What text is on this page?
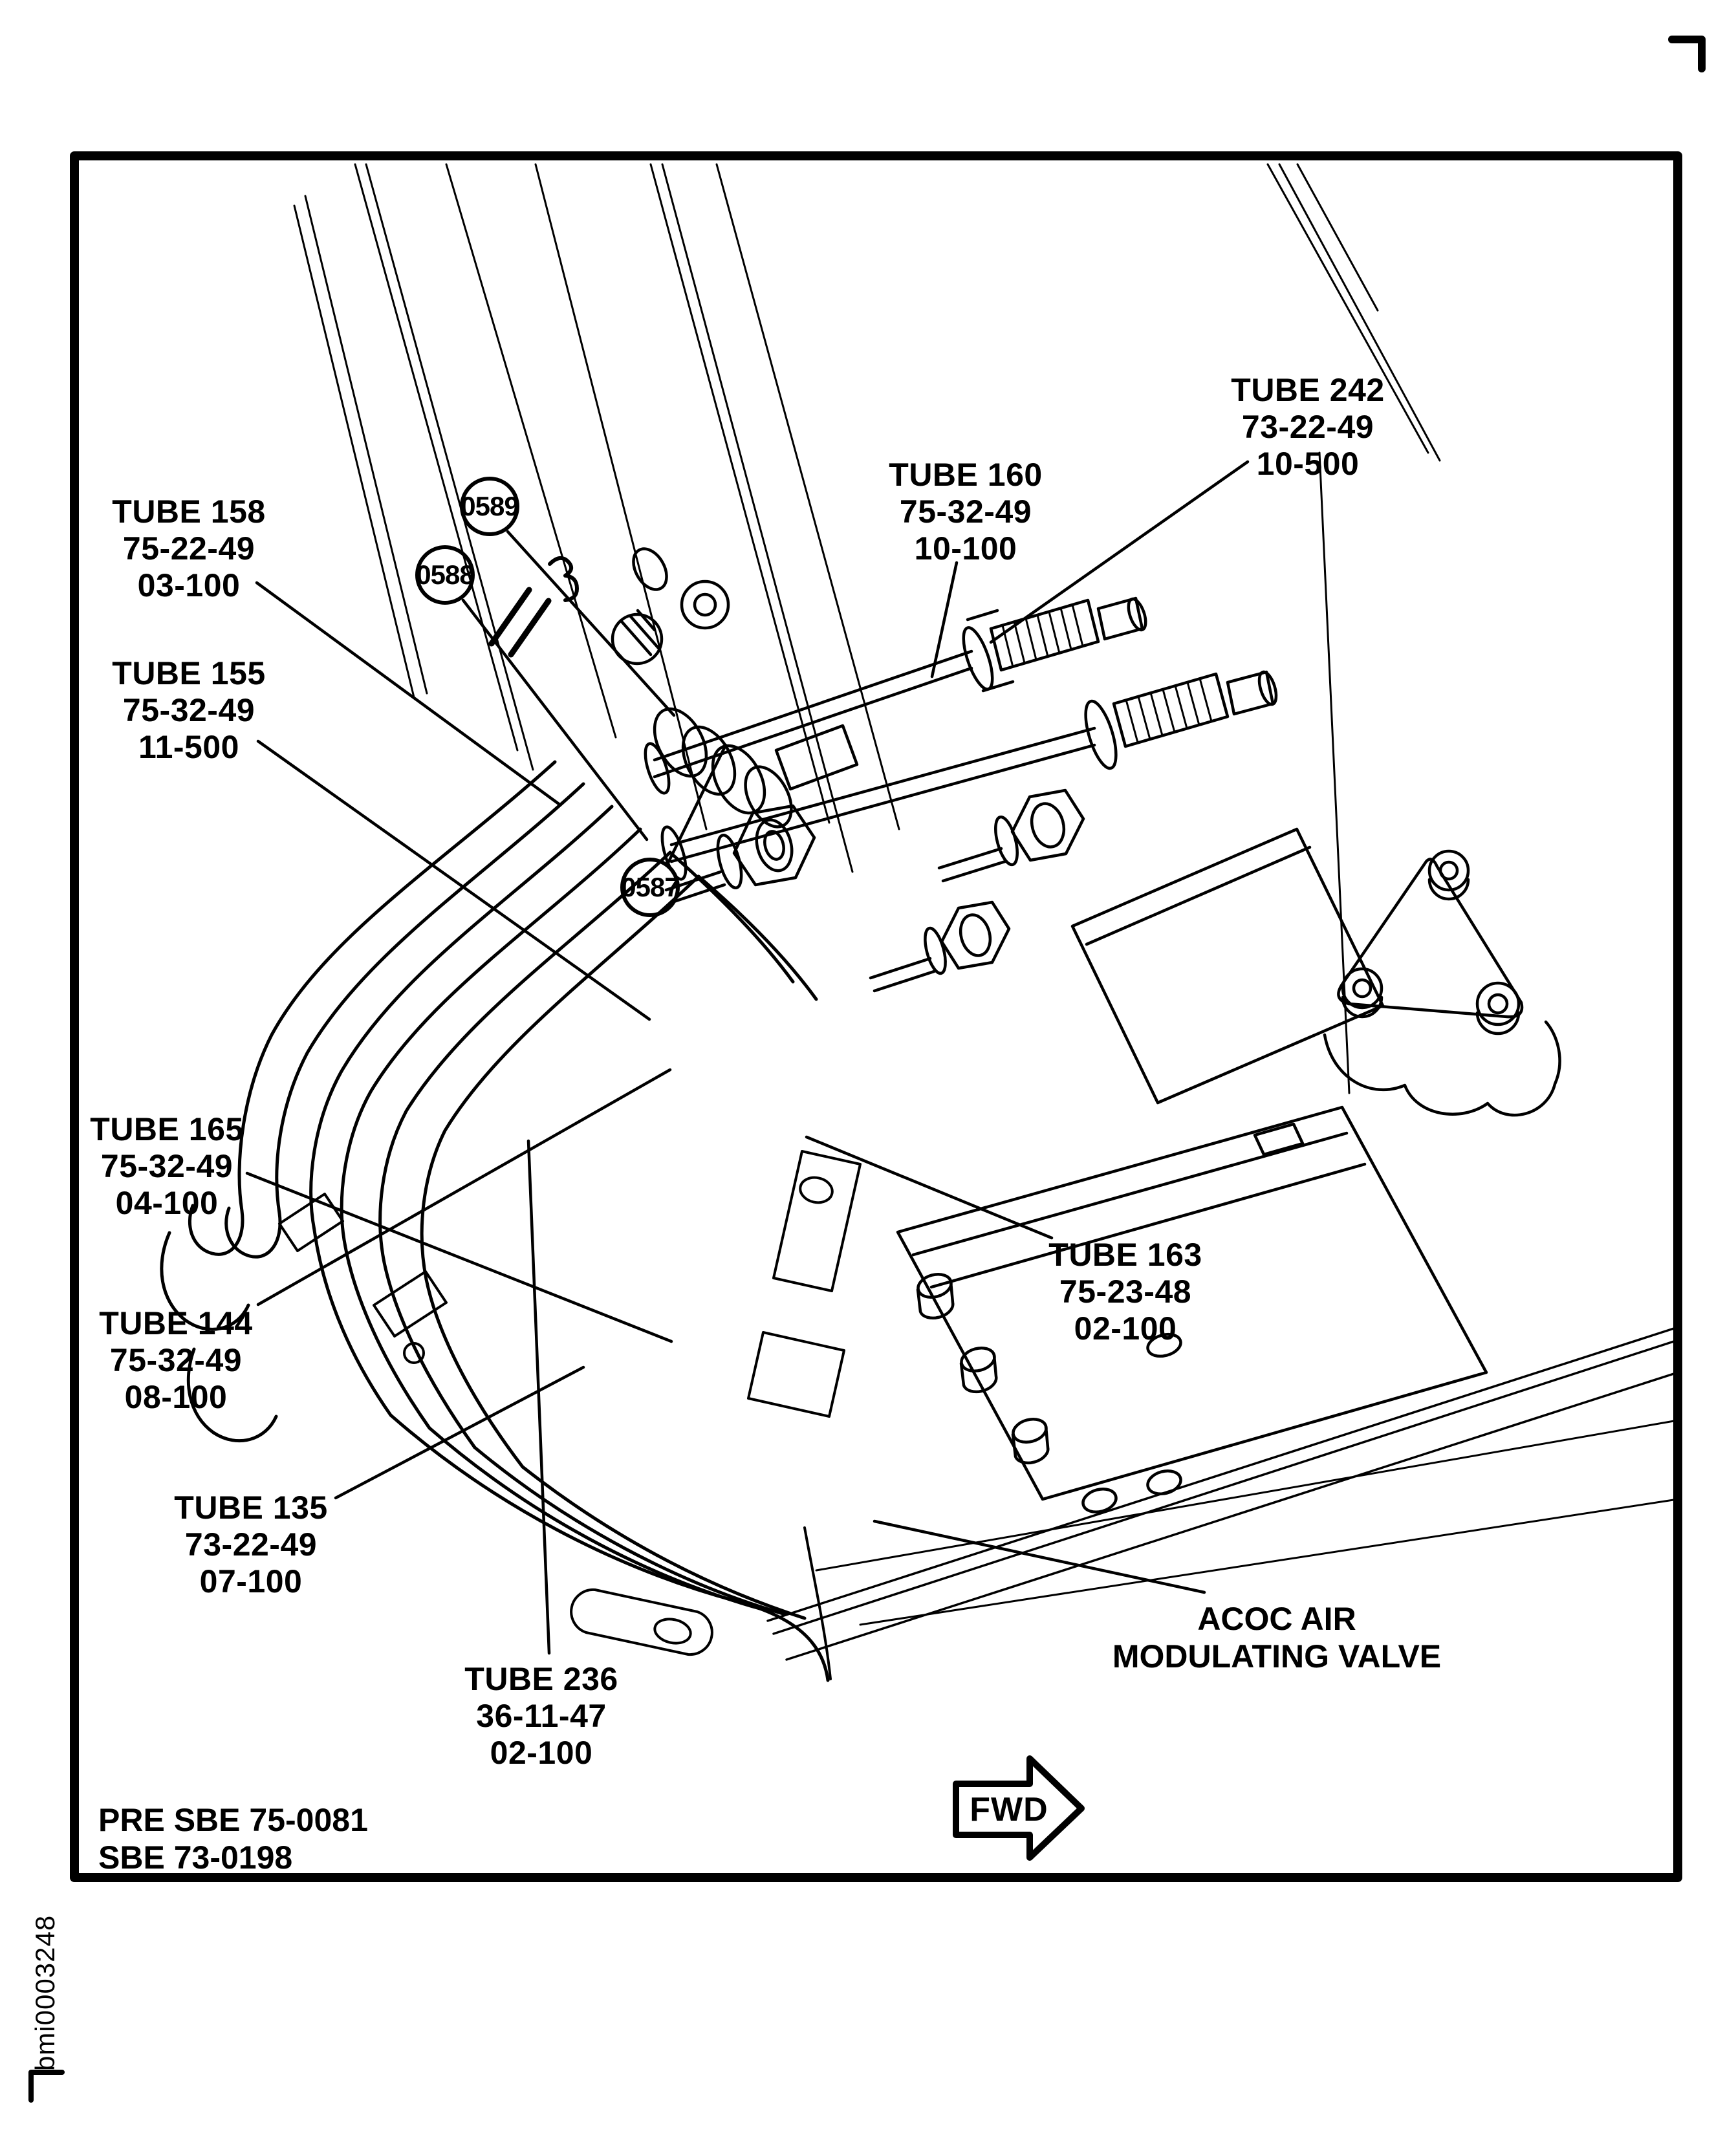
TUBE 158
75-22-49
03-100
TUBE 155
75-32-49
11-500
TUBE 160
75-32-49
10-100
TUBE 242
73-22-49
10-500
TUBE 165
75-32-49
04-100
TUBE 144
75-32-49
08-100
TUBE 135
73-22-49
07-100
TUBE 236
36-11-47
02-100
TUBE 163
75-23-48
02-100
0589
0588
0587
ACOC AIR
MODULATING VALVE
FWD
PRE SBE 75-0081
SBE 73-0198
bmi0003248
